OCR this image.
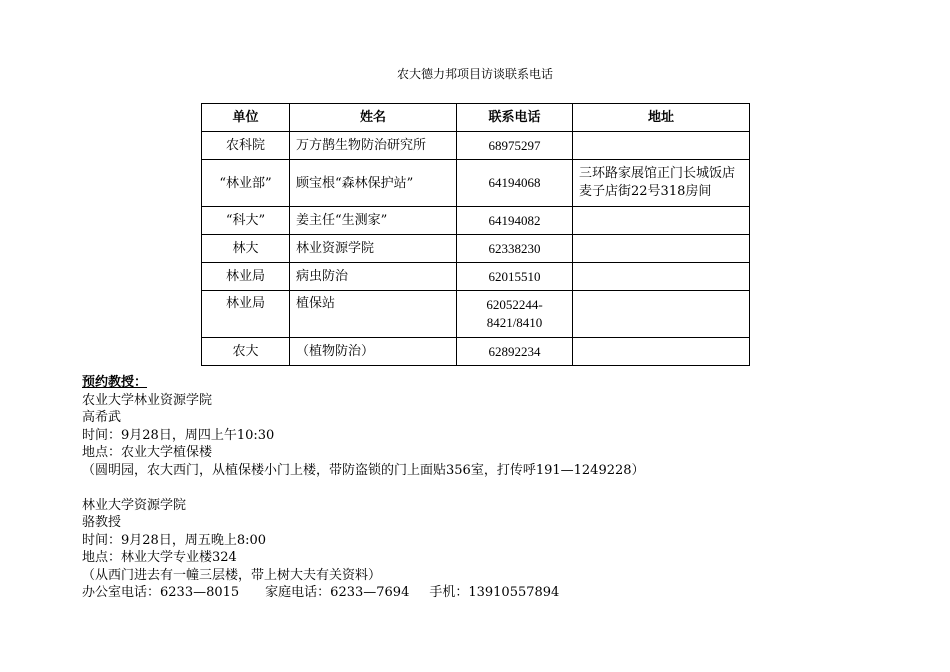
农大德力邦项目访谈联系电话
单位	姓名	联系电话	地址
农科院	万方鹊生物防治研究所	68975297	
“林业部”	顾宝根“森林保护站”	64194068	三环路家展馆正门长城饭店麦子店街22号318房间
“科大”	姜主任“生测家”	64194082	
林大	林业资源学院	62338230	
林业局	病虫防治	62015510	
林业局	植保站	62052244-8421/8410	
农大	（植物防治）	62892234	
预约教授：
农业大学林业资源学院
高希武
时间：9月28日，周四上午10:30
地点：农业大学植保楼
（圆明园，农大西门，从植保楼小门上楼，带防盗锁的门上面贴356室，打传呼191—1249228）
林业大学资源学院
骆教授
时间：9月28日，周五晚上8:00
地点：林业大学专业楼324
（从西门进去有一幢三层楼，带上树大夫有关资料）
办公室电话：6233—8015 家庭电话：6233—7694 手机：13910557894
